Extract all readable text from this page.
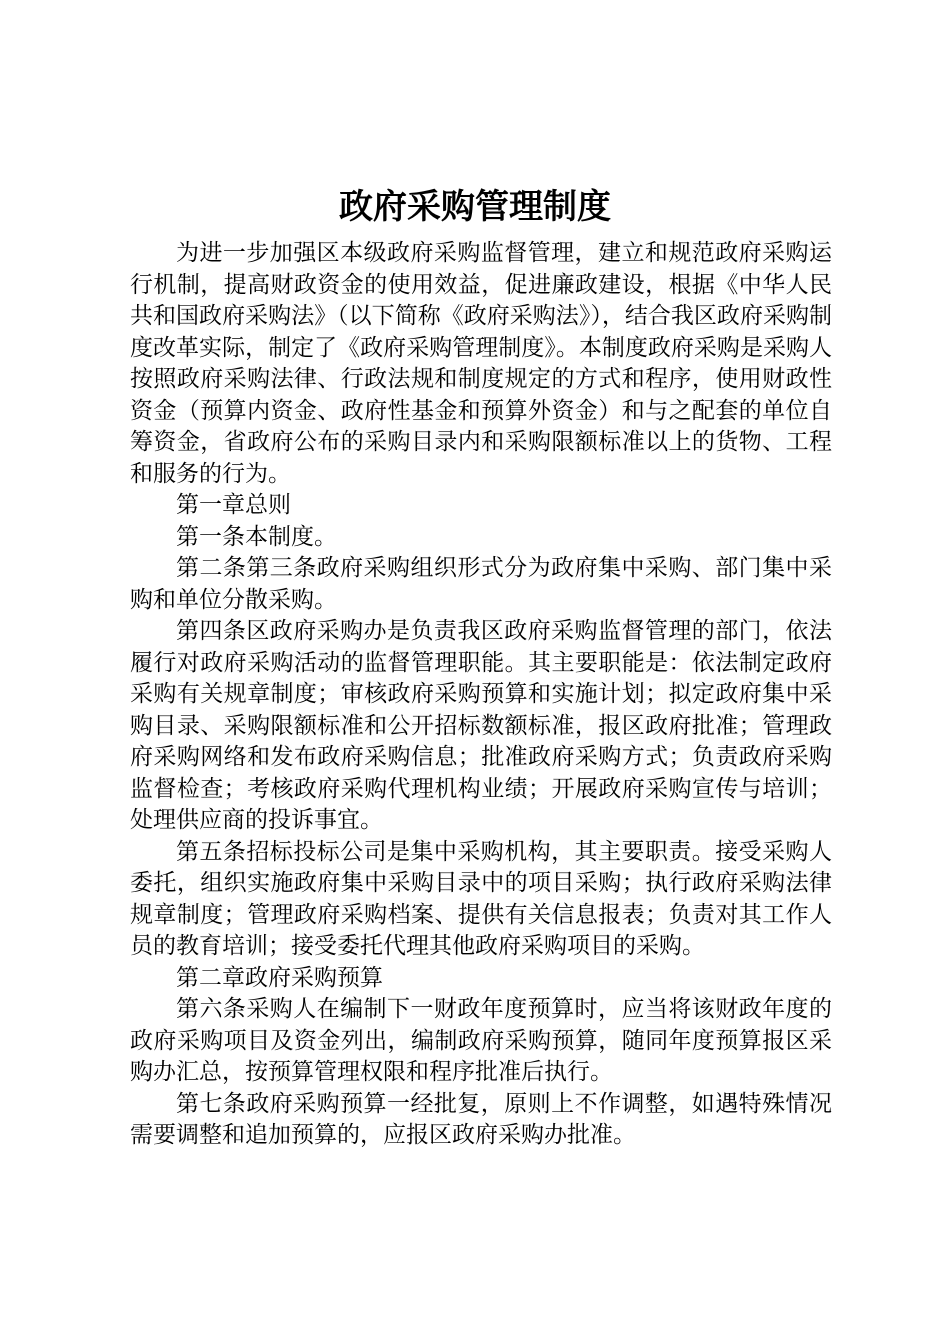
政府采购管理制度

为进一步加强区本级政府采购监督管理，建立和规范政府采购运行机制，提高财政资金的使用效益，促进廉政建设，根据《中华人民共和国政府采购法》（以下简称《政府采购法》），结合我区政府采购制度改革实际，制定了《政府采购管理制度》。本制度政府采购是采购人按照政府采购法律、行政法规和制度规定的方式和程序，使用财政性资金（预算内资金、政府性基金和预算外资金）和与之配套的单位自筹资金，省政府公布的采购目录内和采购限额标准以上的货物、工程和服务的行为。

第一章总则

第一条本制度。

第二条第三条政府采购组织形式分为政府集中采购、部门集中采购和单位分散采购。

第四条区政府采购办是负责我区政府采购监督管理的部门，依法履行对政府采购活动的监督管理职能。其主要职能是：依法制定政府采购有关规章制度；审核政府采购预算和实施计划；拟定政府集中采购目录、采购限额标准和公开招标数额标准，报区政府批准；管理政府采购网络和发布政府采购信息；批准政府采购方式；负责政府采购监督检查；考核政府采购代理机构业绩；开展政府采购宣传与培训；处理供应商的投诉事宜。

第五条招标投标公司是集中采购机构，其主要职责。接受采购人委托，组织实施政府集中采购目录中的项目采购；执行政府采购法律规章制度；管理政府采购档案、提供有关信息报表；负责对其工作人员的教育培训；接受委托代理其他政府采购项目的采购。

第二章政府采购预算

第六条采购人在编制下一财政年度预算时，应当将该财政年度的政府采购项目及资金列出，编制政府采购预算，随同年度预算报区采购办汇总，按预算管理权限和程序批准后执行。

第七条政府采购预算一经批复，原则上不作调整，如遇特殊情况需要调整和追加预算的，应报区政府采购办批准。
